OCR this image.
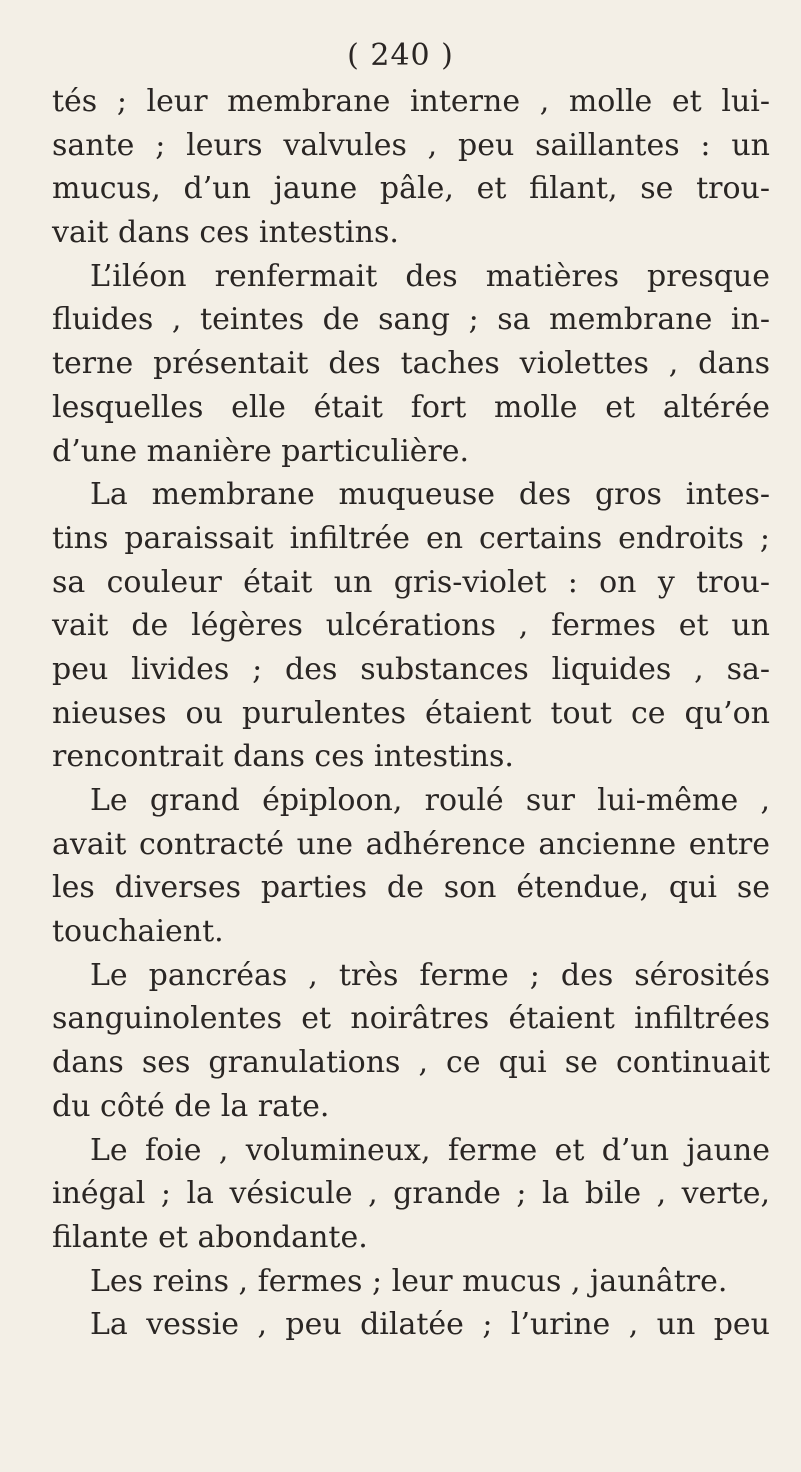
( 240 )
tés ; leur membrane interne , molle et lui-
sante ; leurs valvules , peu saillantes : un
mucus, d’un jaune pâle, et filant, se trou-
vait dans ces intestins.
L’iléon renfermait des matières presque
fluides , teintes de sang ; sa membrane in-
terne présentait des taches violettes , dans
lesquelles elle était fort molle et altérée
d’une manière particulière.
La membrane muqueuse des gros intes-
tins paraissait infiltrée en certains endroits ;
sa couleur était un gris-violet : on y trou-
vait de légères ulcérations , fermes et un
peu livides ; des substances liquides , sa-
nieuses ou purulentes étaient tout ce qu’on
rencontrait dans ces intestins.
Le grand épiploon, roulé sur lui-même ,
avait contracté une adhérence ancienne entre
les diverses parties de son étendue, qui se
touchaient.
Le pancréas , très ferme ; des sérosités
sanguinolentes et noirâtres étaient infiltrées
dans ses granulations , ce qui se continuait
du côté de la rate.
Le foie , volumineux, ferme et d’un jaune
inégal ; la vésicule , grande ; la bile , verte,
filante et abondante.
Les reins , fermes ; leur mucus , jaunâtre.
La vessie , peu dilatée ; l’urine , un peu
